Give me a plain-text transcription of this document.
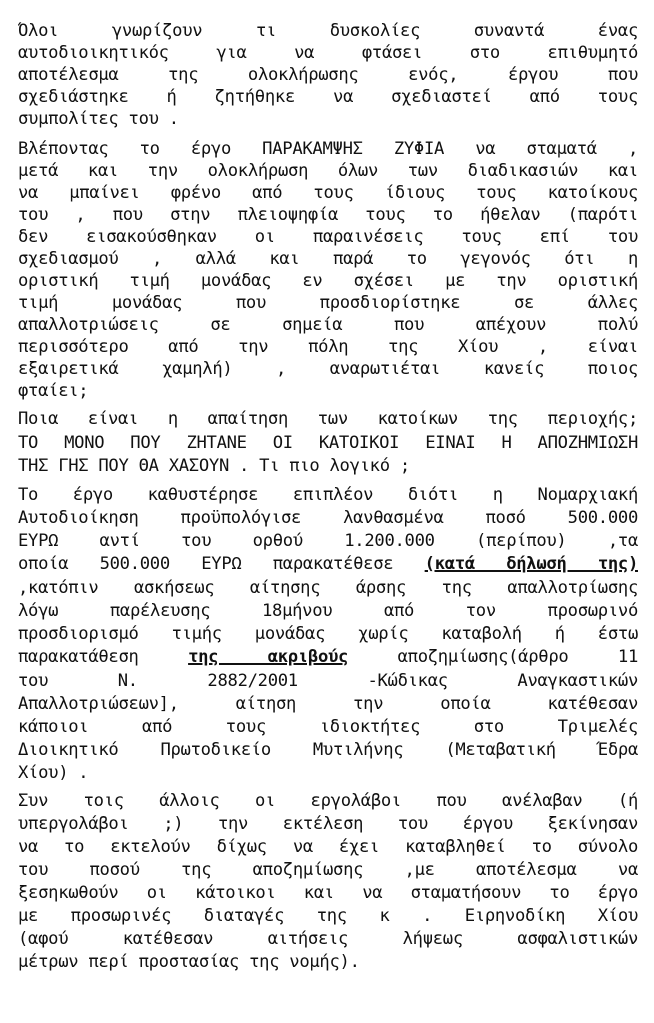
Όλοι γνωρίζουν τι δυσκολίες συναντά ένας
αυτοδιοικητικός για να φτάσει στο επιθυμητό
αποτέλεσμα της ολοκλήρωσης ενός, έργου που
σχεδιάστηκε ή ζητήθηκε να σχεδιαστεί από τους
συμπολίτες του .
Βλέποντας το έργο ΠΑΡΑΚΑΜΨΗΣ ΖΥΦΙΑ να σταματά ,
μετά και την ολοκλήρωση όλων των διαδικασιών και
να μπαίνει φρένο από τους ίδιους τους κατοίκους
του , που στην πλειοψηφία τους το ήθελαν (παρότι
δεν εισακούσθηκαν οι παραινέσεις τους επί του
σχεδιασμού , αλλά και παρά το γεγονός ότι η
οριστική τιμή μονάδας εν σχέσει με την οριστική
τιμή μονάδας που προσδιορίστηκε σε άλλες
απαλλοτριώσεις σε σημεία που απέχουν πολύ
περισσότερο από την πόλη της Χίου , είναι
εξαιρετικά χαμηλή) , αναρωτιέται κανείς ποιος
φταίει;
Ποια είναι η απαίτηση των κατοίκων της περιοχής;
ΤΟ ΜΟΝΟ ΠΟΥ ΖΗΤΑΝΕ ΟΙ ΚΑΤΟΙΚΟΙ ΕΙΝΑΙ Η ΑΠΟΖΗΜΙΩΣΗ
ΤΗΣ ΓΗΣ ΠΟΥ ΘΑ ΧΑΣΟΥΝ . Τι πιο λογικό ;
Το έργο καθυστέρησε επιπλέον διότι η Νομαρχιακή
Αυτοδιοίκηση προϋπολόγισε λανθασμένα ποσό 500.000
ΕΥΡΩ αντί του ορθού 1.200.000 (περίπου) ,τα
οποία 500.000 ΕΥΡΩ παρακατέθεσε (κατά δήλωσή της)
,κατόπιν ασκήσεως αίτησης άρσης της απαλλοτρίωσης
λόγω παρέλευσης 18μήνου από τον προσωρινό
προσδιορισμό τιμής μονάδας χωρίς καταβολή ή έστω
παρακατάθεση της ακριβούς αποζημίωσης(άρθρο 11
του Ν. 2882/2001 -Κώδικας Αναγκαστικών
Απαλλοτριώσεων], αίτηση την οποία κατέθεσαν
κάποιοι από τους ιδιοκτήτες στο Τριμελές
Διοικητικό Πρωτοδικείο Μυτιλήνης (Μεταβατική Έδρα
Χίου) .
Συν τοις άλλοις οι εργολάβοι που ανέλαβαν (ή
υπεργολάβοι ;) την εκτέλεση του έργου ξεκίνησαν
να το εκτελούν δίχως να έχει καταβληθεί το σύνολο
του ποσού της αποζημίωσης ,με αποτέλεσμα να
ξεσηκωθούν οι κάτοικοι και να σταματήσουν το έργο
με προσωρινές διαταγές της κ . Ειρηνοδίκη Χίου
(αφού κατέθεσαν αιτήσεις λήψεως ασφαλιστικών
μέτρων περί προστασίας της νομής).
